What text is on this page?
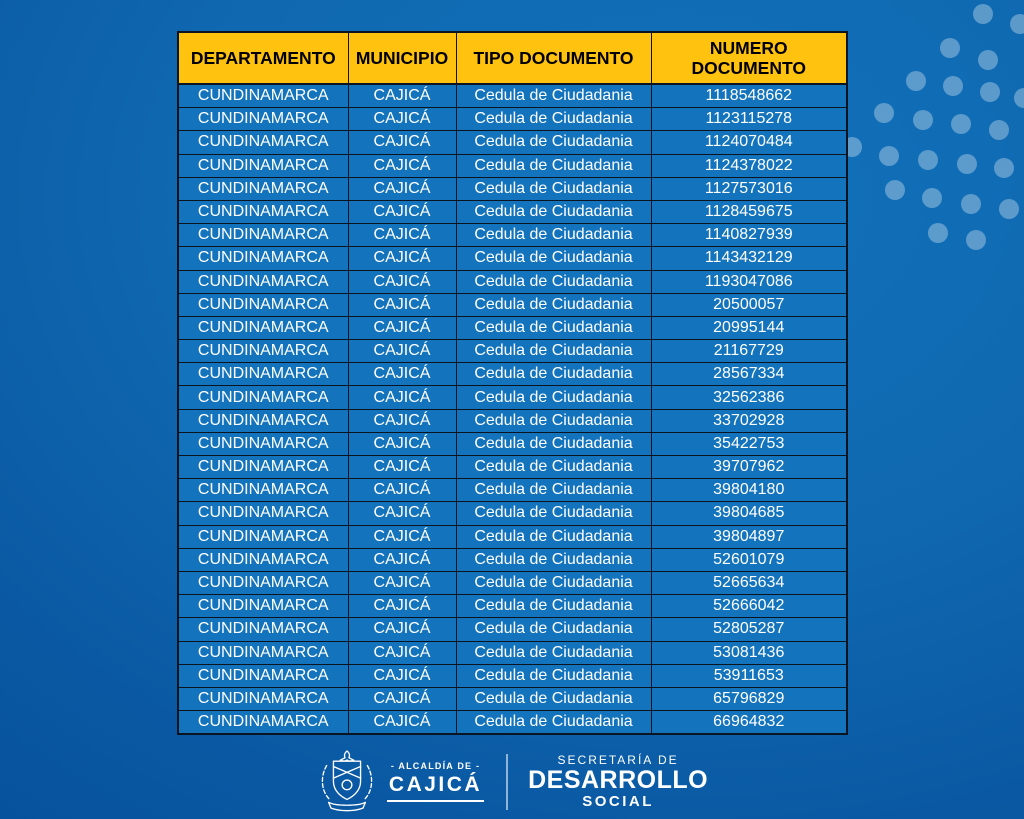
DEPARTAMENTO	MUNICIPIO	TIPO DOCUMENTO	NUMERO DOCUMENTO
CUNDINAMARCA	CAJICÁ	Cedula de Ciudadania	1118548662
CUNDINAMARCA	CAJICÁ	Cedula de Ciudadania	1123115278
CUNDINAMARCA	CAJICÁ	Cedula de Ciudadania	1124070484
CUNDINAMARCA	CAJICÁ	Cedula de Ciudadania	1124378022
CUNDINAMARCA	CAJICÁ	Cedula de Ciudadania	1127573016
CUNDINAMARCA	CAJICÁ	Cedula de Ciudadania	1128459675
CUNDINAMARCA	CAJICÁ	Cedula de Ciudadania	1140827939
CUNDINAMARCA	CAJICÁ	Cedula de Ciudadania	1143432129
CUNDINAMARCA	CAJICÁ	Cedula de Ciudadania	1193047086
CUNDINAMARCA	CAJICÁ	Cedula de Ciudadania	20500057
CUNDINAMARCA	CAJICÁ	Cedula de Ciudadania	20995144
CUNDINAMARCA	CAJICÁ	Cedula de Ciudadania	21167729
CUNDINAMARCA	CAJICÁ	Cedula de Ciudadania	28567334
CUNDINAMARCA	CAJICÁ	Cedula de Ciudadania	32562386
CUNDINAMARCA	CAJICÁ	Cedula de Ciudadania	33702928
CUNDINAMARCA	CAJICÁ	Cedula de Ciudadania	35422753
CUNDINAMARCA	CAJICÁ	Cedula de Ciudadania	39707962
CUNDINAMARCA	CAJICÁ	Cedula de Ciudadania	39804180
CUNDINAMARCA	CAJICÁ	Cedula de Ciudadania	39804685
CUNDINAMARCA	CAJICÁ	Cedula de Ciudadania	39804897
CUNDINAMARCA	CAJICÁ	Cedula de Ciudadania	52601079
CUNDINAMARCA	CAJICÁ	Cedula de Ciudadania	52665634
CUNDINAMARCA	CAJICÁ	Cedula de Ciudadania	52666042
CUNDINAMARCA	CAJICÁ	Cedula de Ciudadania	52805287
CUNDINAMARCA	CAJICÁ	Cedula de Ciudadania	53081436
CUNDINAMARCA	CAJICÁ	Cedula de Ciudadania	53911653
CUNDINAMARCA	CAJICÁ	Cedula de Ciudadania	65796829
CUNDINAMARCA	CAJICÁ	Cedula de Ciudadania	66964832
- ALCALDÍA DE -
CAJICÁ
SECRETARÍA DE
DESARROLLO
SOCIAL
